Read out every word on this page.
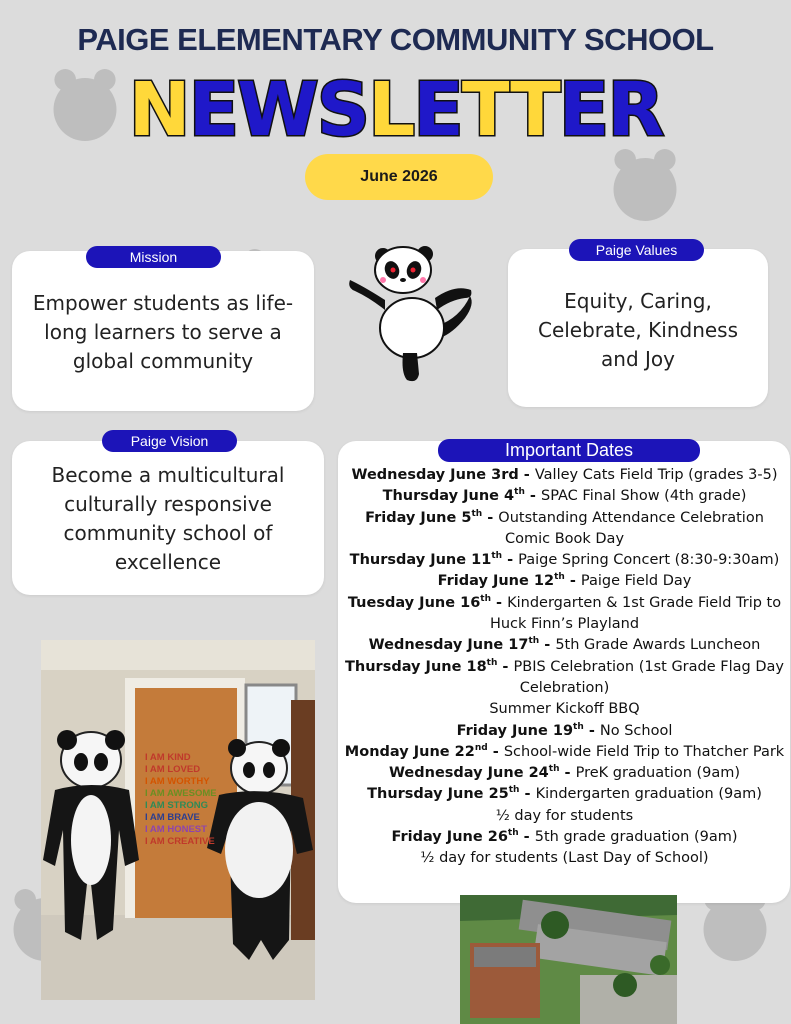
PAIGE ELEMENTARY COMMUNITY SCHOOL
NEWSLETTER
June 2026
Empower students as life-long learners to serve a global community
Mission
Equity, Caring, Celebrate, Kindness and Joy
Paige Values
Become a multicultural culturally responsive community school of excellence
Paige Vision	Important Dates
Wednesday June 3rd - Valley Cats Field Trip (grades 3-5)
Thursday June 4th - SPAC Final Show (4th grade)
Friday June 5th - Outstanding Attendance Celebration
Comic Book Day
Thursday June 11th - Paige Spring Concert (8:30-9:30am)
Friday June 12th - Paige Field Day
Tuesday June 16th - Kindergarten & 1st Grade Field Trip to
Huck Finn’s Playland
Wednesday June 17th - 5th Grade Awards Luncheon
Thursday June 18th - PBIS Celebration (1st Grade Flag Day
Celebration)
Summer Kickoff BBQ
Friday June 19th - No School
Monday June 22nd - School-wide Field Trip to Thatcher Park
Wednesday June 24th - PreK graduation (9am)
Thursday June 25th - Kindergarten graduation (9am)
½ day for students
Friday June 26th - 5th grade graduation (9am)
½ day for students (Last Day of School)
I AM KIND
I AM LOVED
I AM WORTHY
I AM AWESOME
I AM STRONG
I AM BRAVE
I AM HONEST
I AM CREATIVE
